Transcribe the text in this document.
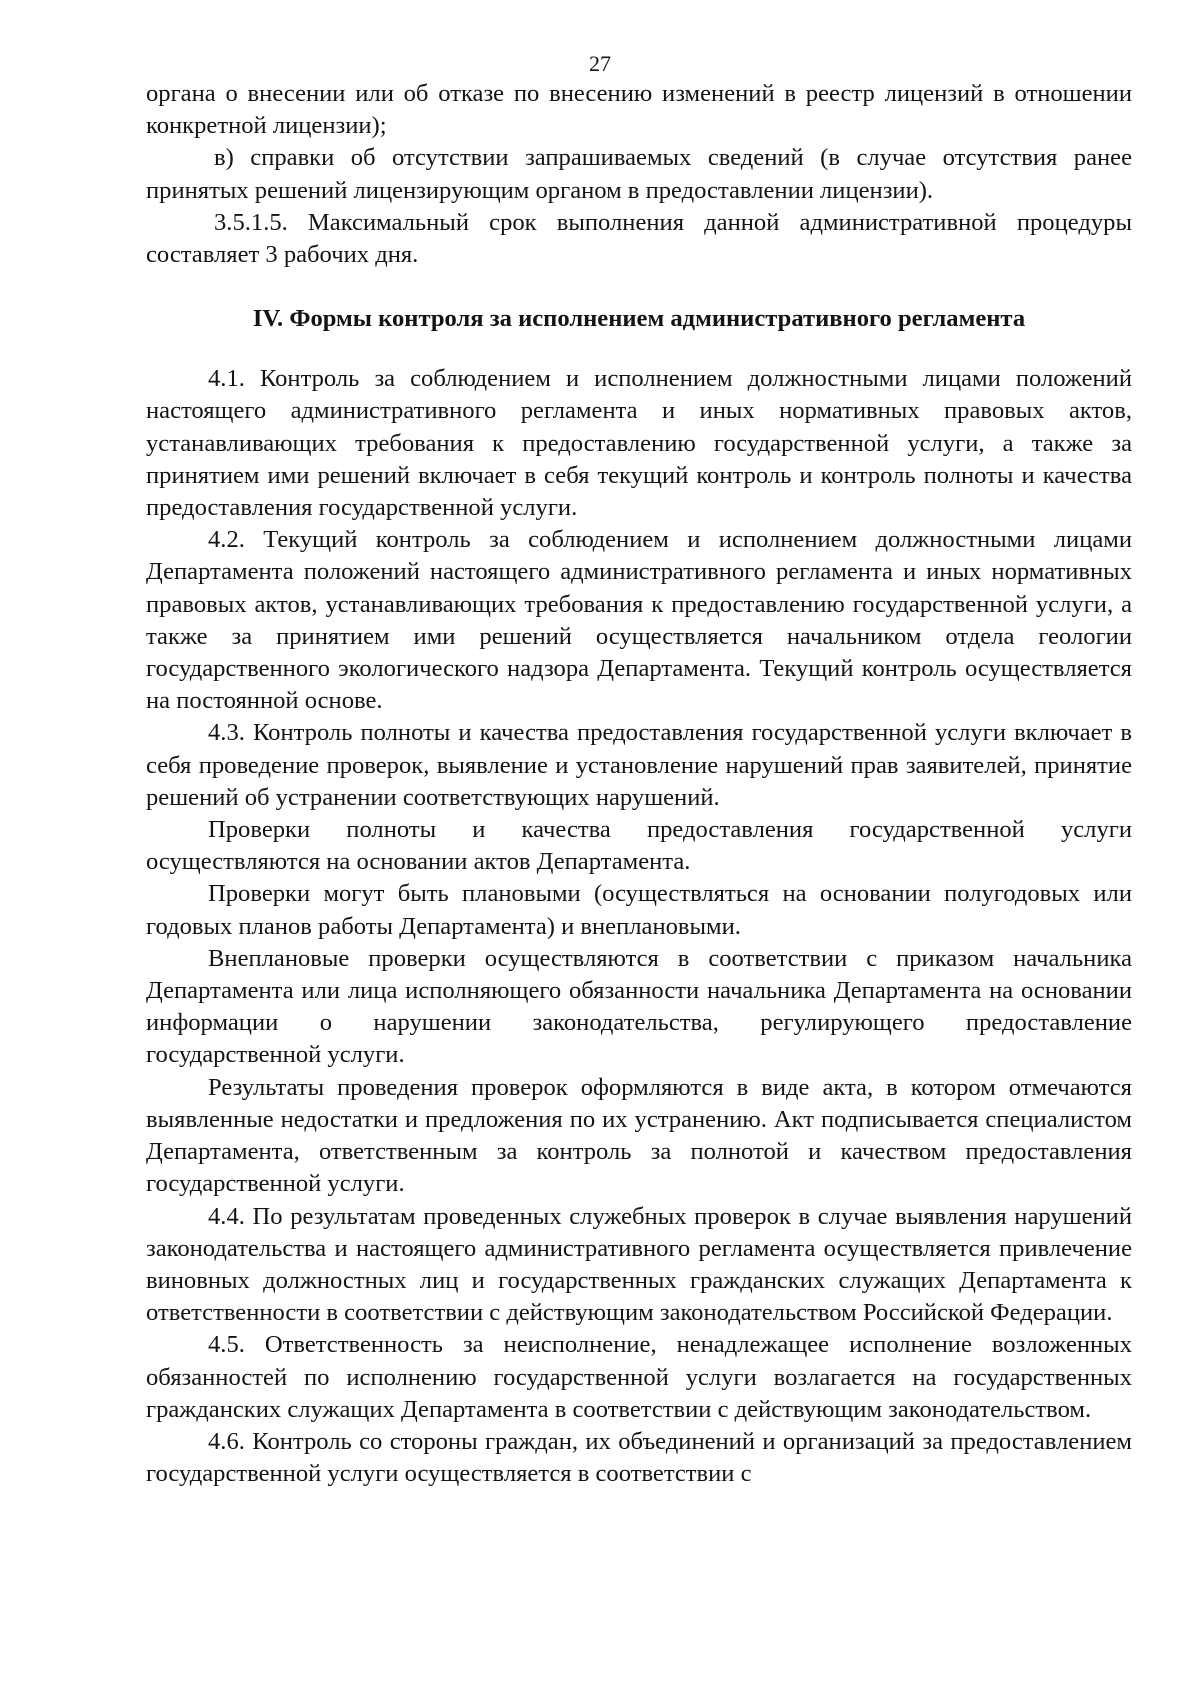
27

органа о внесении или об отказе по внесению изменений в реестр лицензий в отношении конкретной лицензии);

в) справки об отсутствии запрашиваемых сведений (в случае отсутствия ранее принятых решений лицензирующим органом в предоставлении лицензии).

3.5.1.5. Максимальный срок выполнения данной административной процедуры составляет 3 рабочих дня.

IV. Формы контроля за исполнением административного регламента

4.1. Контроль за соблюдением и исполнением должностными лицами положений настоящего административного регламента и иных нормативных правовых актов, устанавливающих требования к предоставлению государственной услуги, а также за принятием ими решений включает в себя текущий контроль и контроль полноты и качества предоставления государственной услуги.

4.2. Текущий контроль за соблюдением и исполнением должностными лицами Департамента положений настоящего административного регламента и иных нормативных правовых актов, устанавливающих требования к предоставлению государственной услуги, а также за принятием ими решений осуществляется начальником отдела геологии государственного экологического надзора Департамента. Текущий контроль осуществляется на постоянной основе.

4.3. Контроль полноты и качества предоставления государственной услуги включает в себя проведение проверок, выявление и установление нарушений прав заявителей, принятие решений об устранении соответствующих нарушений.

Проверки полноты и качества предоставления государственной услуги осуществляются на основании актов Департамента.

Проверки могут быть плановыми (осуществляться на основании полугодовых или годовых планов работы Департамента) и внеплановыми.

Внеплановые проверки осуществляются в соответствии с приказом начальника Департамента или лица исполняющего обязанности начальника Департамента на основании информации о нарушении законодательства, регулирующего предоставление государственной услуги.

Результаты проведения проверок оформляются в виде акта, в котором отмечаются выявленные недостатки и предложения по их устранению. Акт подписывается специалистом Департамента, ответственным за контроль за полнотой и качеством предоставления государственной услуги.

4.4. По результатам проведенных служебных проверок в случае выявления нарушений законодательства и настоящего административного регламента осуществляется привлечение виновных должностных лиц и государственных гражданских служащих Департамента к ответственности в соответствии с действующим законодательством Российской Федерации.

4.5. Ответственность за неисполнение, ненадлежащее исполнение возложенных обязанностей по исполнению государственной услуги возлагается на государственных гражданских служащих Департамента в соответствии с действующим законодательством.

4.6. Контроль со стороны граждан, их объединений и организаций за предоставлением государственной услуги осуществляется в соответствии с
